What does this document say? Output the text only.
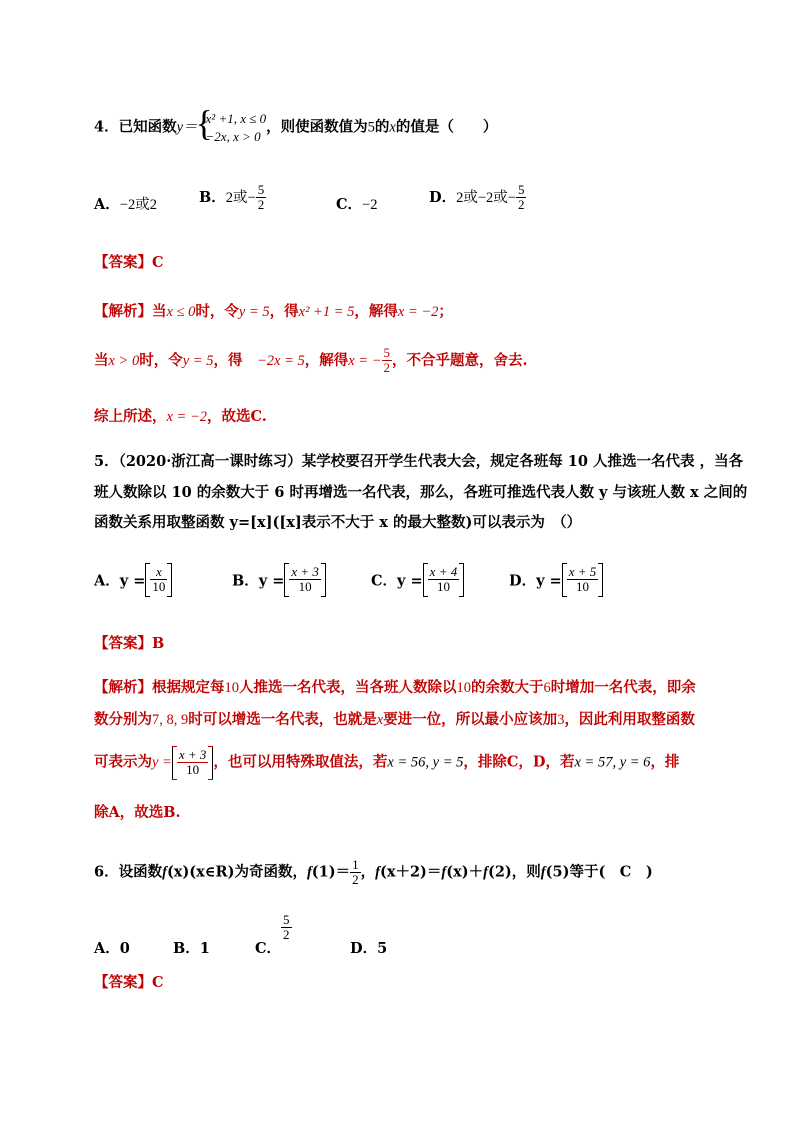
4．已知函数y＝
{ x² +1, x ≤ 0
−2x, x > 0
，则使函数值为5的x的值是（　　）
A．−2或2	B．2或− $\frac{5}{2}$	C．−2	D．2或−2或− $\frac{5}{2}$
【答案】C
【解析】当x ≤ 0时，令y = 5，得x² +1 = 5，解得x = −2；
当x > 0时，令y = 5，得　−2x = 5，解得x = − $\frac{5}{2}$ ，不合乎题意，舍去.
综上所述，x = −2，故选C.
5．（2020·浙江高一课时练习）某学校要召开学生代表大会，规定各班每 10 人推选一名代表 ，当各
班人数除以 10 的余数大于 6 时再增选一名代表，那么，各班可推选代表人数 y 与该班人数 x 之间的
函数关系用取整函数 y=[x]([x]表示不大于 x 的最大整数)可以表示为　（）
A．$y = \frac{x}{10}$	B．$y = \frac{x + 3}{10}$	C．$y = \frac{x + 4}{10}$	D．$y = \frac{x + 5}{10}$
【答案】B
【解析】根据规定每10人推选一名代表，当各班人数除以10的余数大于6时增加一名代表，即余
数分别为7, 8, 9时可以增选一名代表，也就是x要进一位，所以最小应该加3，因此利用取整函数
可表示为$y = \frac{x + 3}{10}$ ，也可以用特殊取值法，若x = 56, y = 5，排除C，D，若x = 57, y = 6，排
除A，故选B.
6．设函数f(x)(x∈R)为奇函数，$f(1)= \frac{1}{2}$ ，f(x＋2)＝f(x)＋f(2)，则f(5)等于(　C　)
A．0	B．1	C．
$\frac{5}{2}$
D．5
【答案】C
